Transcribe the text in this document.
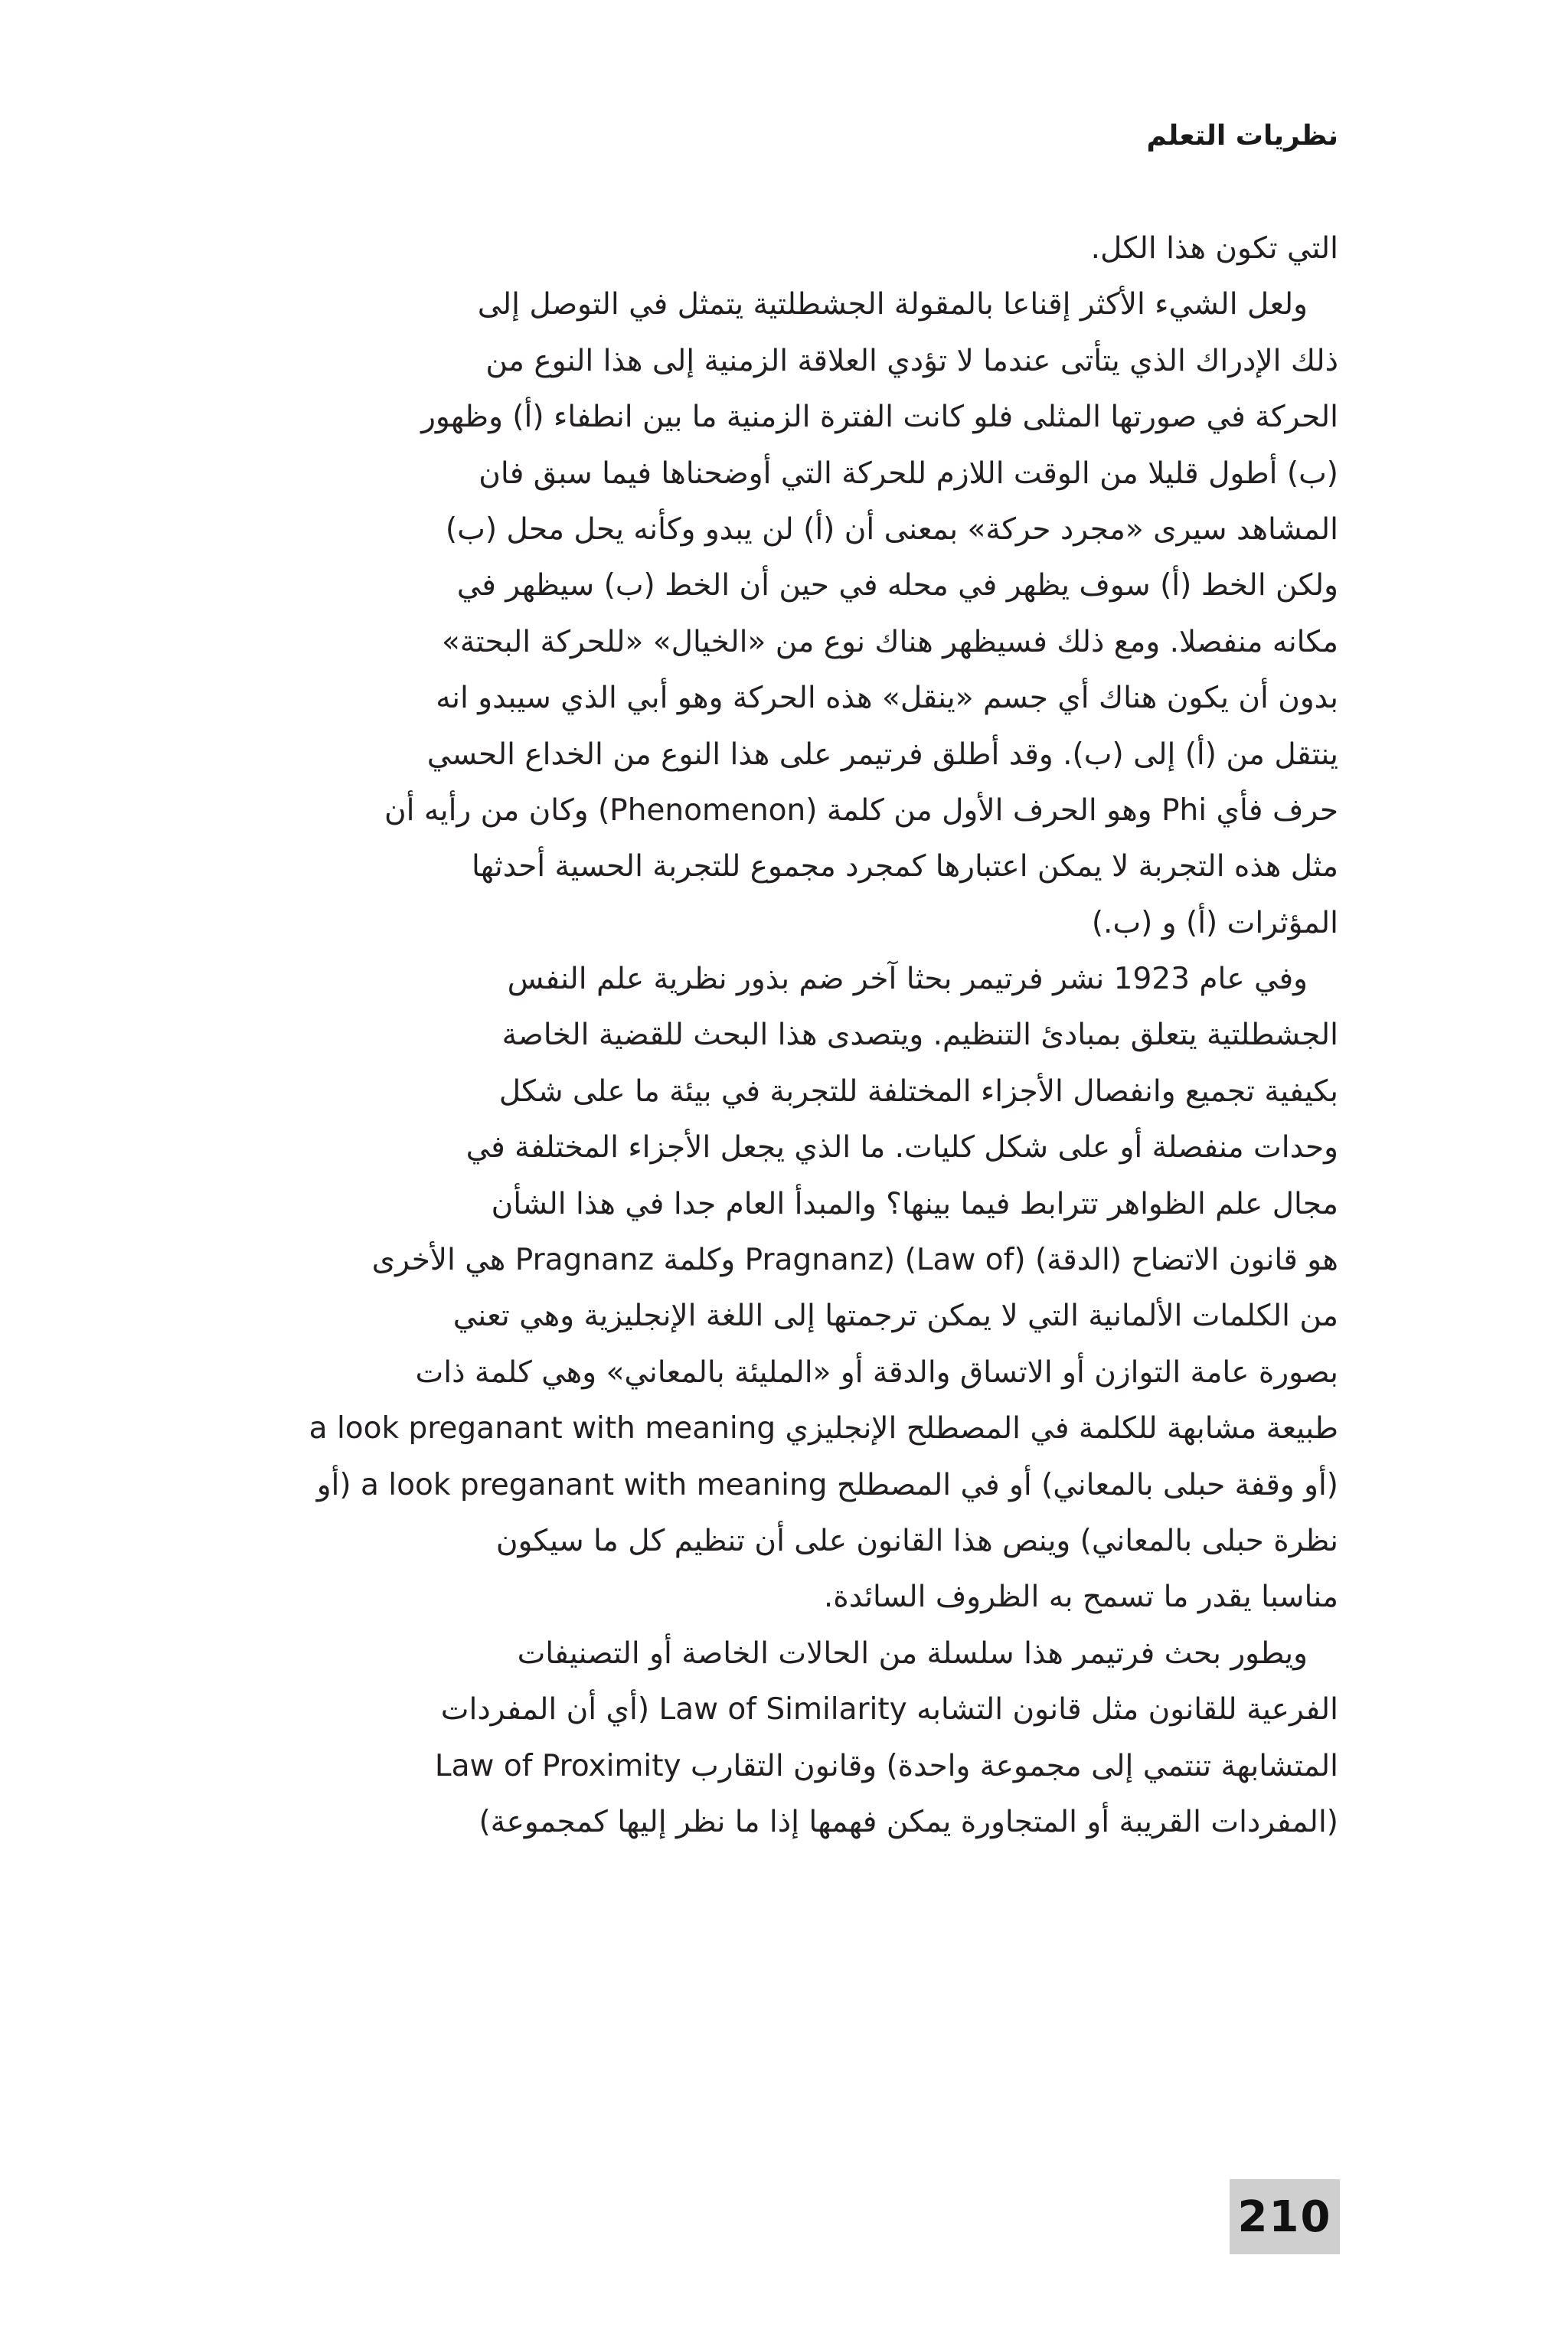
نظريات التعلم
التي تكون هذا الكل.
ولعل الشيء الأكثر إقناعا بالمقولة الجشطلتية يتمثل في التوصل إلى
ذلك الإدراك الذي يتأتى عندما لا تؤدي العلاقة الزمنية إلى هذا النوع من
الحركة في صورتها المثلى فلو كانت الفترة الزمنية ما بين انطفاء (أ) وظهور
(ب) أطول قليلا من الوقت اللازم للحركة التي أوضحناها فيما سبق فان
المشاهد سيرى «مجرد حركة» بمعنى أن (أ) لن يبدو وكأنه يحل محل (ب)
ولكن الخط (أ) سوف يظهر في محله في حين أن الخط (ب) سيظهر في
مكانه منفصلا. ومع ذلك فسيظهر هناك نوع من «الخيال» «للحركة البحتة»
بدون أن يكون هناك أي جسم «ينقل» هذه الحركة وهو أبي الذي سيبدو انه
ينتقل من (أ) إلى (ب). وقد أطلق فرتيمر على هذا النوع من الخداع الحسي
حرف فأي Phi وهو الحرف الأول من كلمة (Phenomenon) وكان من رأيه أن
مثل هذه التجربة لا يمكن اعتبارها كمجرد مجموع للتجربة الحسية أحدثها
المؤثرات (أ) و (ب.)
وفي عام 1923 نشر فرتيمر بحثا آخر ضم بذور نظرية علم النفس
الجشطلتية يتعلق بمبادئ التنظيم. ويتصدى هذا البحث للقضية الخاصة
بكيفية تجميع وانفصال الأجزاء المختلفة للتجربة في بيئة ما على شكل
وحدات منفصلة أو على شكل كليات. ما الذي يجعل الأجزاء المختلفة في
مجال علم الظواهر تترابط فيما بينها؟ والمبدأ العام جدا في هذا الشأن
هو قانون الاتضاح (الدقة) (Law of) (Pragnanz وكلمة Pragnanz هي الأخرى
من الكلمات الألمانية التي لا يمكن ترجمتها إلى اللغة الإنجليزية وهي تعني
بصورة عامة التوازن أو الاتساق والدقة أو «المليئة بالمعاني» وهي كلمة ذات
طبيعة مشابهة للكلمة في المصطلح الإنجليزي a look preganant with meaning
(أو وقفة حبلى بالمعاني) أو في المصطلح a look preganant with meaning (أو
نظرة حبلى بالمعاني) وينص هذا القانون على أن تنظيم كل ما سيكون
مناسبا يقدر ما تسمح به الظروف السائدة.
ويطور بحث فرتيمر هذا سلسلة من الحالات الخاصة أو التصنيفات
الفرعية للقانون مثل قانون التشابه Law of Similarity (أي أن المفردات
المتشابهة تنتمي إلى مجموعة واحدة) وقانون التقارب Law of Proximity
(المفردات القريبة أو المتجاورة يمكن فهمها إذا ما نظر إليها كمجموعة)
210
